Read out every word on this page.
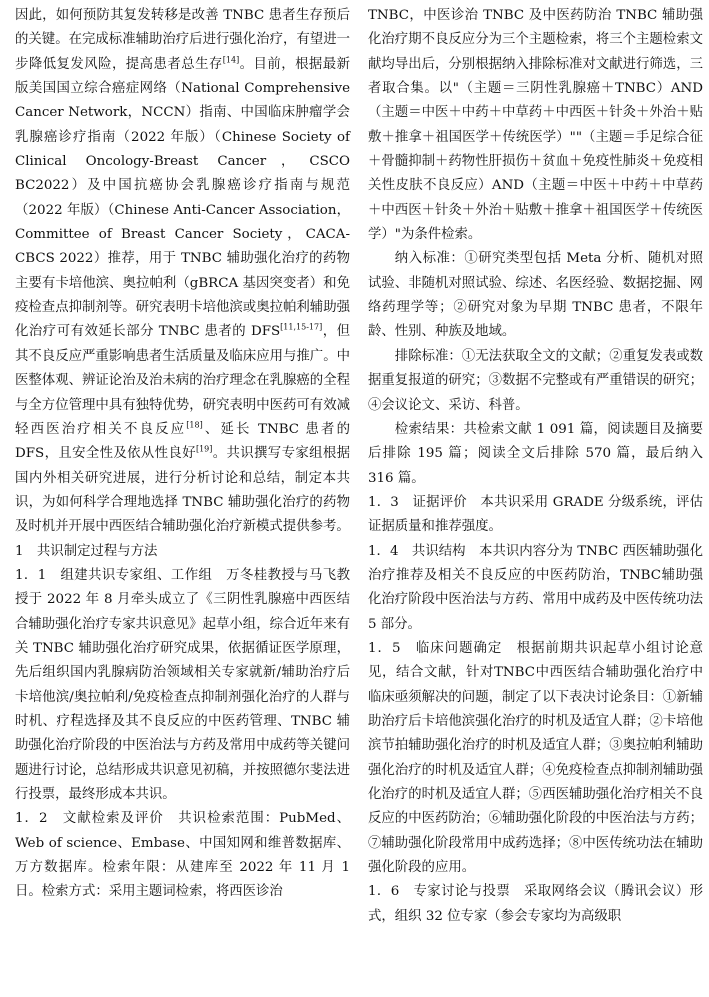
因此，如何预防其复发转移是改善 TNBC 患者生存预后的关键。在完成标准辅助治疗后进行强化治疗，有望进一步降低复发风险，提高患者总生存[14]。目前，根据最新版美国国立综合癌症网络（National Comprehensive Cancer Network，NCCN）指南、中国临床肿瘤学会乳腺癌诊疗指南（2022 年版）（Chinese Society of Clinical Oncology-Breast Cancer，CSCO BC2022）及中国抗癌协会乳腺癌诊疗指南与规范（2022 年版）（Chinese Anti-Cancer Association，Committee of Breast Cancer Society，CACA-CBCS 2022）推荐，用于 TNBC 辅助强化治疗的药物主要有卡培他滨、奥拉帕利（gBRCA 基因突变者）和免疫检查点抑制剂等。研究表明卡培他滨或奥拉帕利辅助强化治疗可有效延长部分 TNBC 患者的 DFS[11,15-17]，但其不良反应严重影响患者生活质量及临床应用与推广。中医整体观、辨证论治及治未病的治疗理念在乳腺癌的全程与全方位管理中具有独特优势，研究表明中医药可有效减轻西医治疗相关不良反应[18]、延长 TNBC 患者的 DFS，且安全性及依从性良好[19]。共识撰写专家组根据国内外相关研究进展，进行分析讨论和总结，制定本共识，为如何科学合理地选择 TNBC 辅助强化治疗的药物及时机并开展中西医结合辅助强化治疗新模式提供参考。

1　共识制定过程与方法

1．1　组建共识专家组、工作组　万冬桂教授与马飞教授于 2022 年 8 月牵头成立了《三阴性乳腺癌中西医结合辅助强化治疗专家共识意见》起草小组，综合近年来有关 TNBC 辅助强化治疗研究成果，依据循证医学原理，先后组织国内乳腺病防治领域相关专家就新/辅助治疗后卡培他滨/奥拉帕利/免疫检查点抑制剂强化治疗的人群与时机、疗程选择及其不良反应的中医药管理、TNBC 辅助强化治疗阶段的中医治法与方药及常用中成药等关键问题进行讨论，总结形成共识意见初稿，并按照德尔斐法进行投票，最终形成本共识。

1．2　文献检索及评价　共识检索范围：PubMed、Web of science、Embase、中国知网和维普数据库、万方数据库。检索年限：从建库至 2022 年 11 月 1 日。检索方式：采用主题词检索，将西医诊治

TNBC，中医诊治 TNBC 及中医药防治 TNBC 辅助强化治疗期不良反应分为三个主题检索，将三个主题检索文献均导出后，分别根据纳入排除标准对文献进行筛选，三者取合集。以"（主题＝三阴性乳腺癌＋TNBC）AND（主题＝中医＋中药＋中草药＋中西医＋针灸＋外治＋贴敷＋推拿＋祖国医学＋传统医学）""（主题＝手足综合征＋骨髓抑制＋药物性肝损伤＋贫血＋免疫性肺炎＋免疫相关性皮肤不良反应）AND（主题＝中医＋中药＋中草药＋中西医＋针灸＋外治＋贴敷＋推拿＋祖国医学＋传统医学）"为条件检索。

纳入标准：①研究类型包括 Meta 分析、随机对照试验、非随机对照试验、综述、名医经验、数据挖掘、网络药理学等；②研究对象为早期 TNBC 患者，不限年龄、性别、种族及地域。

排除标准：①无法获取全文的文献；②重复发表或数据重复报道的研究；③数据不完整或有严重错误的研究；④会议论文、采访、科普。

检索结果：共检索文献 1 091 篇，阅读题目及摘要后排除 195 篇；阅读全文后排除 570 篇，最后纳入 316 篇。

1．3　证据评价　本共识采用 GRADE 分级系统，评估证据质量和推荐强度。

1．4　共识结构　本共识内容分为 TNBC 西医辅助强化治疗推荐及相关不良反应的中医药防治，TNBC辅助强化治疗阶段中医治法与方药、常用中成药及中医传统功法 5 部分。

1．5　临床问题确定　根据前期共识起草小组讨论意见，结合文献，针对TNBC中西医结合辅助强化治疗中临床亟须解决的问题，制定了以下表决讨论条目：①新辅助治疗后卡培他滨强化治疗的时机及适宜人群；②卡培他滨节拍辅助强化治疗的时机及适宜人群；③奥拉帕利辅助强化治疗的时机及适宜人群；④免疫检查点抑制剂辅助强化治疗的时机及适宜人群；⑤西医辅助强化治疗相关不良反应的中医药防治；⑥辅助强化阶段的中医治法与方药；⑦辅助强化阶段常用中成药选择；⑧中医传统功法在辅助强化阶段的应用。

1．6　专家讨论与投票　采取网络会议（腾讯会议）形式，组织 32 位专家（参会专家均为高级职
